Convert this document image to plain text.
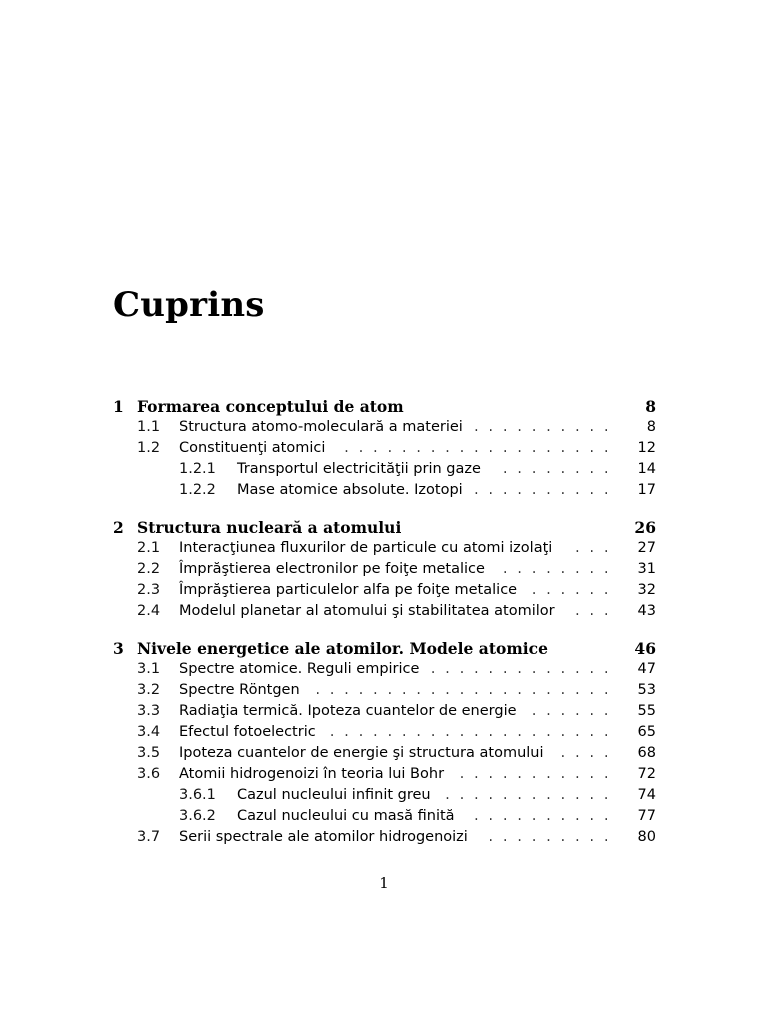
Cuprins
1 Formarea conceptului de atom	8
1.1 Structura atomo-moleculară a materiei .......... 8
1.2 Constituenţi atomici	................... 12
1.2.1 Transportul electricităţii prin gaze	........ 14
1.2.2 Mase atomice absolute. Izotopi .......... 17
2 Structura nucleară a atomului	26
2.1 Interacţiunea fluxurilor de particule cu atomi izolaţi	... 27
2.2 Împrăştierea electronilor pe foiţe metalice	........ 31
2.3 Împrăştierea particulelor alfa pe foiţe metalice	...... 32
2.4 Modelul planetar al atomului şi stabilitatea atomilor	... 43
3 Nivele energetice ale atomilor. Modele atomice	46
3.1 Spectre atomice. Reguli empirice ............. 47
3.2 Spectre Röntgen	..................... 53
3.3 Radiaţia termică. Ipoteza cuantelor de energie	...... 55
3.4 Efectul fotoelectric	.................... 65
3.5 Ipoteza cuantelor de energie şi structura atomului	.... 68
3.6 Atomii hidrogenoizi în teoria lui Bohr	........... 72
3.6.1 Cazul nucleului infinit greu	............ 74
3.6.2 Cazul nucleului cu masă finită	.......... 77
3.7 Serii spectrale ale atomilor hidrogenoizi	......... 80
1
